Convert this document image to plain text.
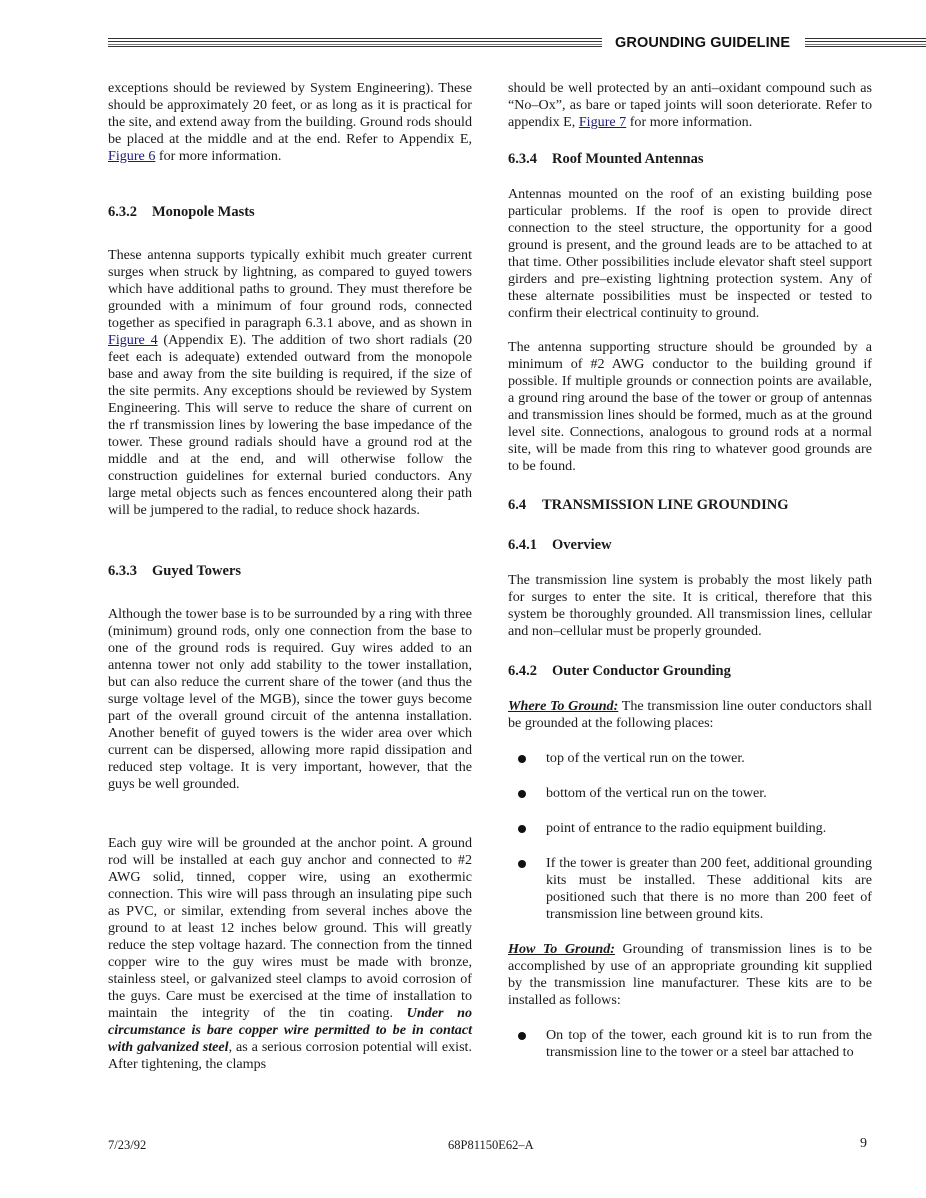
GROUNDING GUIDELINE

exceptions should be reviewed by System Engineering). These should be approximately 20 feet, or as long as it is practical for the site, and extend away from the building. Ground rods should be placed at the middle and at the end. Refer to Appendix E, Figure 6 for more information.

6.3.2 Monopole Masts

These antenna supports typically exhibit much greater current surges when struck by lightning, as compared to guyed towers which have additional paths to ground. They must therefore be grounded with a minimum of four ground rods, connected together as specified in paragraph 6.3.1 above, and as shown in Figure 4 (Appendix E). The addition of two short radials (20 feet each is adequate) extended outward from the monopole base and away from the site building is required, if the size of the site permits. Any exceptions should be reviewed by System Engineering. This will serve to reduce the share of current on the rf transmission lines by lowering the base impedance of the tower. These ground radials should have a ground rod at the middle and at the end, and will otherwise follow the construction guidelines for external buried conductors. Any large metal objects such as fences encountered along their path will be jumpered to the radial, to reduce shock hazards.

6.3.3 Guyed Towers

Although the tower base is to be surrounded by a ring with three (minimum) ground rods, only one connection from the base to one of the ground rods is required. Guy wires added to an antenna tower not only add stability to the tower installation, but can also reduce the current share of the tower (and thus the surge voltage level of the MGB), since the tower guys become part of the overall ground circuit of the antenna installation. Another benefit of guyed towers is the wider area over which current can be dispersed, allowing more rapid dissipation and reduced step voltage. It is very important, however, that the guys be well grounded.

Each guy wire will be grounded at the anchor point. A ground rod will be installed at each guy anchor and connected to #2 AWG solid, tinned, copper wire, using an exothermic connection. This wire will pass through an insulating pipe such as PVC, or similar, extending from several inches above the ground to at least 12 inches below ground. This will greatly reduce the step voltage hazard. The connection from the tinned copper wire to the guy wires must be made with bronze, stainless steel, or galvanized steel clamps to avoid corrosion of the guys. Care must be exercised at the time of installation to maintain the integrity of the tin coating. Under no circumstance is bare copper wire permitted to be in contact with galvanized steel, as a serious corrosion potential will exist. After tightening, the clamps

should be well protected by an anti–oxidant compound such as “No–Ox”, as bare or taped joints will soon deteriorate. Refer to appendix E, Figure 7 for more information.

6.3.4 Roof Mounted Antennas

Antennas mounted on the roof of an existing building pose particular problems. If the roof is open to provide direct connection to the steel structure, the opportunity for a good ground is present, and the ground leads are to be attached to at that time. Other possibilities include elevator shaft steel support girders and pre–existing lightning protection system. Any of these alternate possibilities must be inspected or tested to confirm their electrical continuity to ground.

The antenna supporting structure should be grounded by a minimum of #2 AWG conductor to the building ground if possible. If multiple grounds or connection points are available, a ground ring around the base of the tower or group of antennas and transmission lines should be formed, much as at the ground level site. Connections, analogous to ground rods at a normal site, will be made from this ring to whatever good grounds are to be found.

6.4 TRANSMISSION LINE GROUNDING
6.4.1 Overview

The transmission line system is probably the most likely path for surges to enter the site. It is critical, therefore that this system be thoroughly grounded. All transmission lines, cellular and non–cellular must be properly grounded.

6.4.2 Outer Conductor Grounding

Where To Ground: The transmission line outer conductors shall be grounded at the following places:

top of the vertical run on the tower.
bottom of the vertical run on the tower.
point of entrance to the radio equipment building.
If the tower is greater than 200 feet, additional grounding kits must be installed. These additional kits are positioned such that there is no more than 200 feet of transmission line between ground kits.

How To Ground: Grounding of transmission lines is to be accomplished by use of an appropriate grounding kit supplied by the transmission line manufacturer. These kits are to be installed as follows:

On top of the tower, each ground kit is to run from the transmission line to the tower or a steel bar attached to
7/23/92	68P81150E62–A	9
